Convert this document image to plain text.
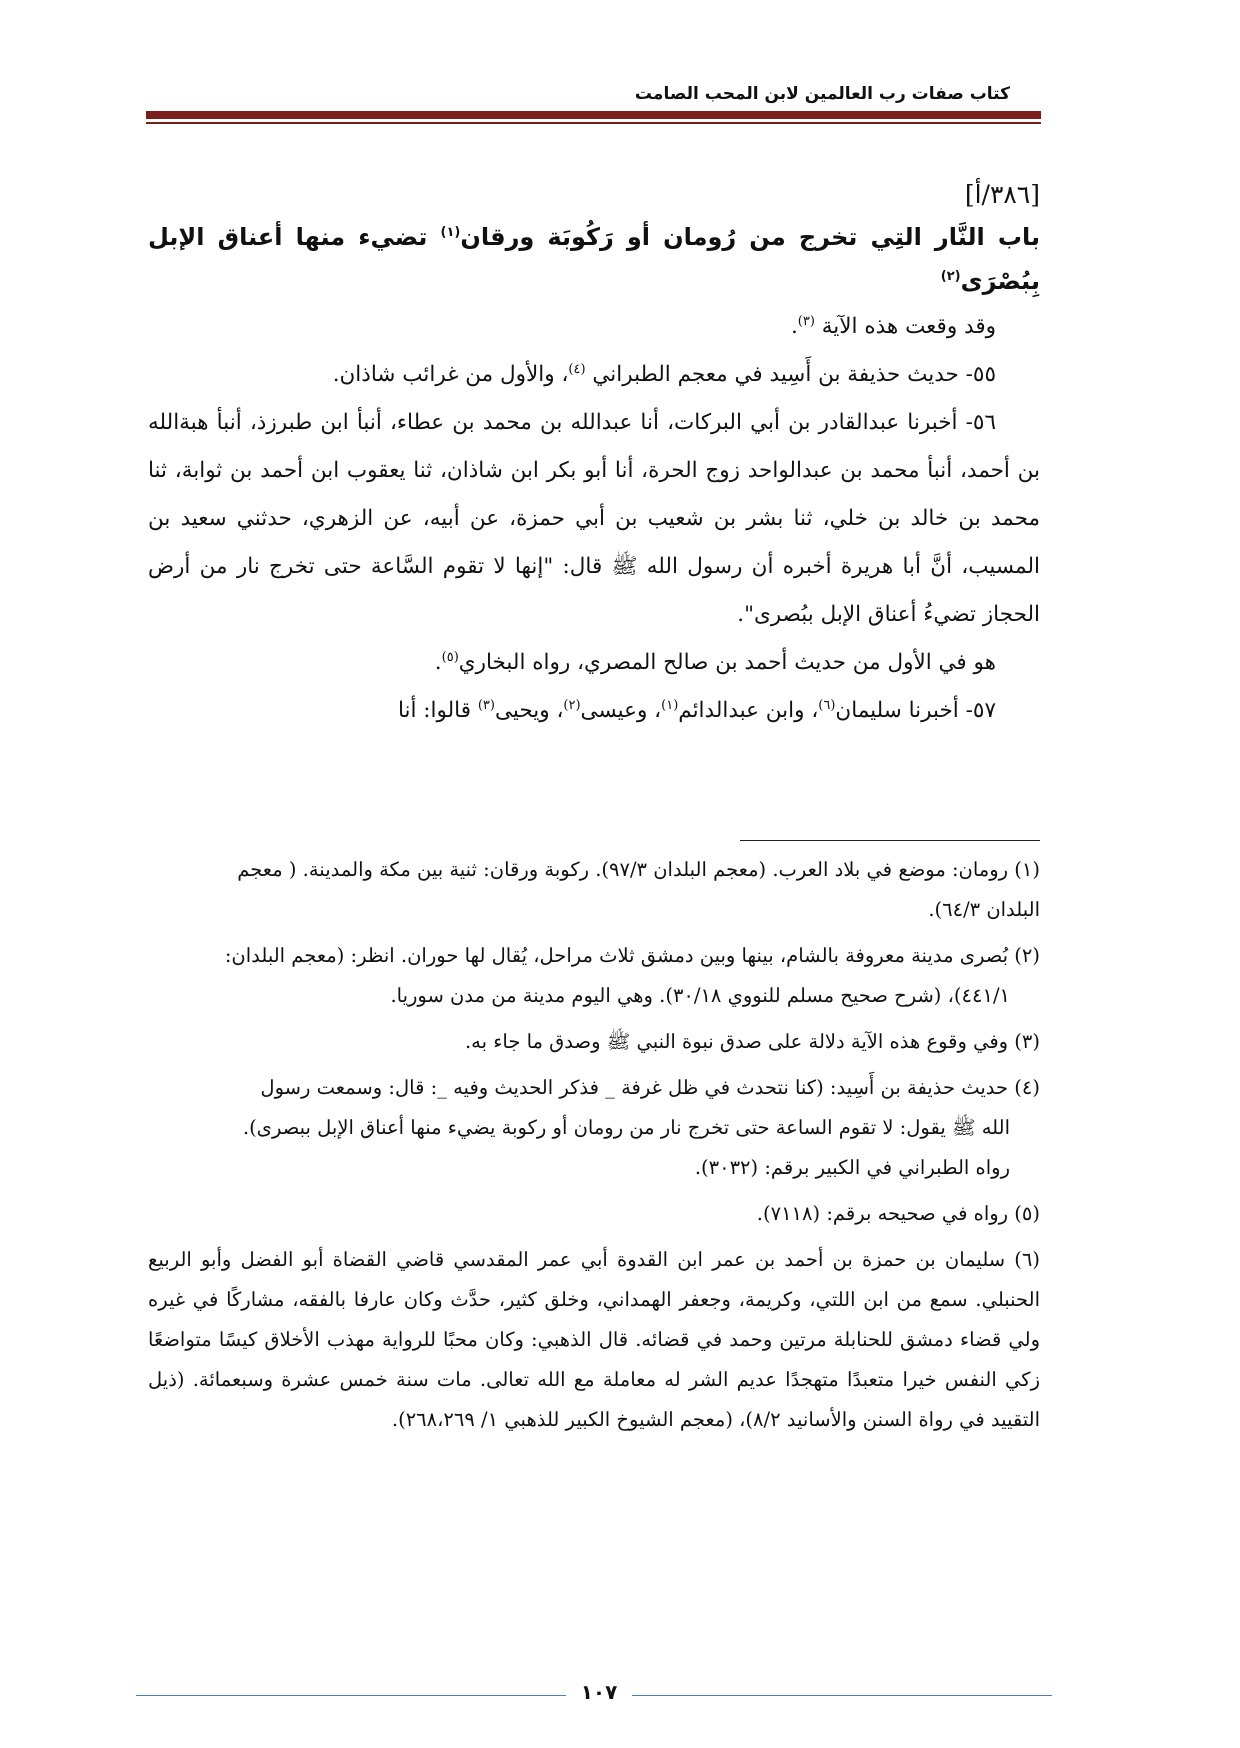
كتاب صفات رب العالمين لابن المحب الصامت

[٣٨٦/أ]

باب النَّار التِي تخرج من رُومان أو رَكُوبَة ورقان$^{(١)}$ تضيء منها أعناق الإبل بِبُصْرَى$^{(٢)}$

وقد وقعت هذه الآية $^{(٣)}$.

٥٥- حديث حذيفة بن أَسِيد في معجم الطبراني $^{(٤)}$، والأول من غرائب شاذان.

٥٦- أخبرنا عبدالقادر بن أبي البركات، أنا عبدالله بن محمد بن عطاء، أنبأ ابن طبرزذ، أنبأ هبةالله بن أحمد، أنبأ محمد بن عبدالواحد زوج الحرة، أنا أبو بكر ابن شاذان، ثنا يعقوب ابن أحمد بن ثوابة، ثنا محمد بن خالد بن خلي، ثنا بشر بن شعيب بن أبي حمزة، عن أبيه، عن الزهري، حدثني سعيد بن المسيب، أنَّ أبا هريرة أخبره أن رسول الله ﷺ قال: "إنها لا تقوم السَّاعة حتى تخرج نار من أرض الحجاز تضيءُ أعناق الإبل ببُصرى".

هو في الأول من حديث أحمد بن صالح المصري، رواه البخاري$^{(٥)}$.

٥٧- أخبرنا سليمان$^{(٦)}$، وابن عبدالدائم$^{(١)}$، وعيسى$^{(٢)}$، ويحيى$^{(٣)}$ قالوا: أنا

(١) رومان: موضع في بلاد العرب. (معجم البلدان ٩٧/٣). ركوبة ورقان: ثنية بين مكة والمدينة. ( معجم
البلدان ٦٤/٣).

(٢) بُصرى مدينة معروفة بالشام، بينها وبين دمشق ثلاث مراحل، يُقال لها حوران. انظر: (معجم البلدان:
٤٤١/١)، (شرح صحيح مسلم للنووي ٣٠/١٨). وهي اليوم مدينة من مدن سوريا.

(٣) وفي وقوع هذه الآية دلالة على صدق نبوة النبي ﷺ وصدق ما جاء به.

(٤) حديث حذيفة بن أَسِيد: (كنا نتحدث في ظل غرفة _ فذكر الحديث وفيه _: قال: وسمعت رسول
الله ﷺ يقول: لا تقوم الساعة حتى تخرج نار من رومان أو ركوبة يضيء منها أعناق الإبل ببصرى).
رواه الطبراني في الكبير برقم: (٣٠٣٢).

(٥) رواه في صحيحه برقم: (٧١١٨).

(٦) سليمان بن حمزة بن أحمد بن عمر ابن القدوة أبي عمر المقدسي قاضي القضاة أبو الفضل وأبو الربيع الحنبلي. سمع من ابن اللتي، وكريمة، وجعفر الهمداني، وخلق كثير، حدَّث وكان عارفا بالفقه، مشاركًا في غيره ولي قضاء دمشق للحنابلة مرتين وحمد في قضائه. قال الذهبي: وكان محبًا للرواية مهذب الأخلاق كيسًا متواضعًا زكي النفس خيرا متعبدًا متهجدًا عديم الشر له معاملة مع الله تعالى. مات سنة خمس عشرة وسبعمائة. (ذيل التقييد في رواة السنن والأسانيد ٨/٢)، (معجم الشيوخ الكبير للذهبي ١/ ٢٦٨،٢٦٩).

١٠٧
